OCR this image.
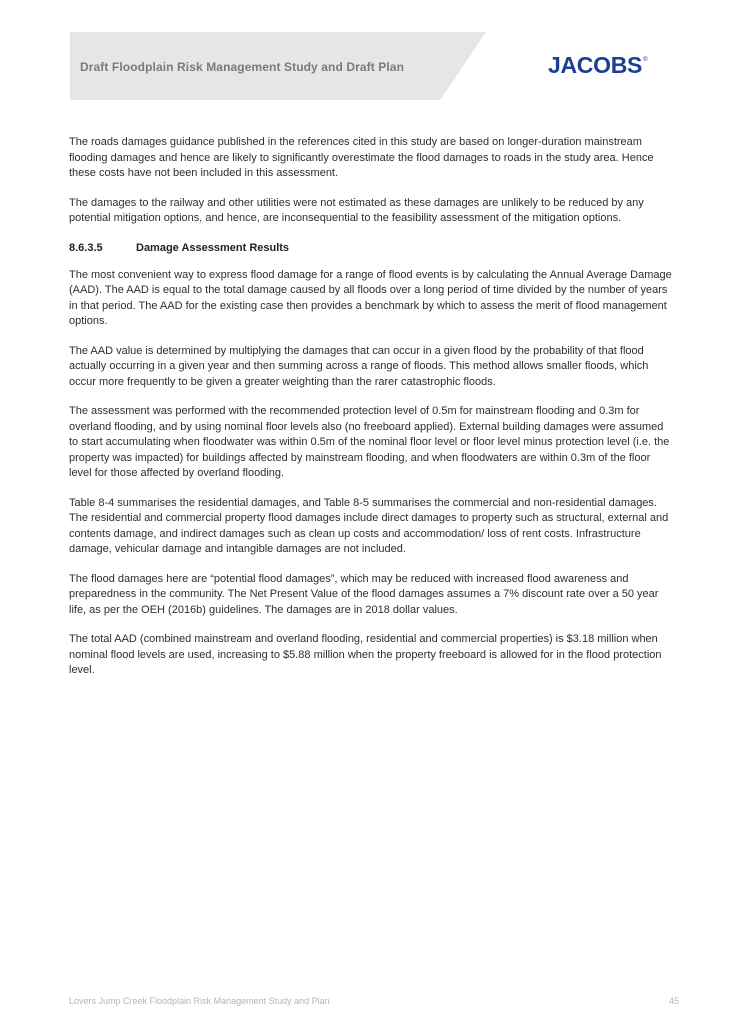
Draft Floodplain Risk Management Study and Draft Plan	JACOBS®

The roads damages guidance published in the references cited in this study are based on longer-duration mainstream flooding damages and hence are likely to significantly overestimate the flood damages to roads in the study area. Hence these costs have not been included in this assessment.

The damages to the railway and other utilities were not estimated as these damages are unlikely to be reduced by any potential mitigation options, and hence, are inconsequential to the feasibility assessment of the mitigation options.

8.6.3.5	Damage Assessment Results

The most convenient way to express flood damage for a range of flood events is by calculating the Annual Average Damage (AAD). The AAD is equal to the total damage caused by all floods over a long period of time divided by the number of years in that period. The AAD for the existing case then provides a benchmark by which to assess the merit of flood management options.

The AAD value is determined by multiplying the damages that can occur in a given flood by the probability of that flood actually occurring in a given year and then summing across a range of floods. This method allows smaller floods, which occur more frequently to be given a greater weighting than the rarer catastrophic floods.

The assessment was performed with the recommended protection level of 0.5m for mainstream flooding and 0.3m for overland flooding, and by using nominal floor levels also (no freeboard applied). External building damages were assumed to start accumulating when floodwater was within 0.5m of the nominal floor level or floor level minus protection level (i.e. the property was impacted) for buildings affected by mainstream flooding, and when floodwaters are within 0.3m of the floor level for those affected by overland flooding.

Table 8-4 summarises the residential damages, and Table 8-5 summarises the commercial and non-residential damages. The residential and commercial property flood damages include direct damages to property such as structural, external and contents damage, and indirect damages such as clean up costs and accommodation/ loss of rent costs. Infrastructure damage, vehicular damage and intangible damages are not included.

The flood damages here are “potential flood damages”, which may be reduced with increased flood awareness and preparedness in the community. The Net Present Value of the flood damages assumes a 7% discount rate over a 50 year life, as per the OEH (2016b) guidelines. The damages are in 2018 dollar values.

The total AAD (combined mainstream and overland flooding, residential and commercial properties) is $3.18 million when nominal flood levels are used, increasing to $5.88 million when the property freeboard is allowed for in the flood protection level.

Lovers Jump Creek Floodplain Risk Management Study and Plan	45
